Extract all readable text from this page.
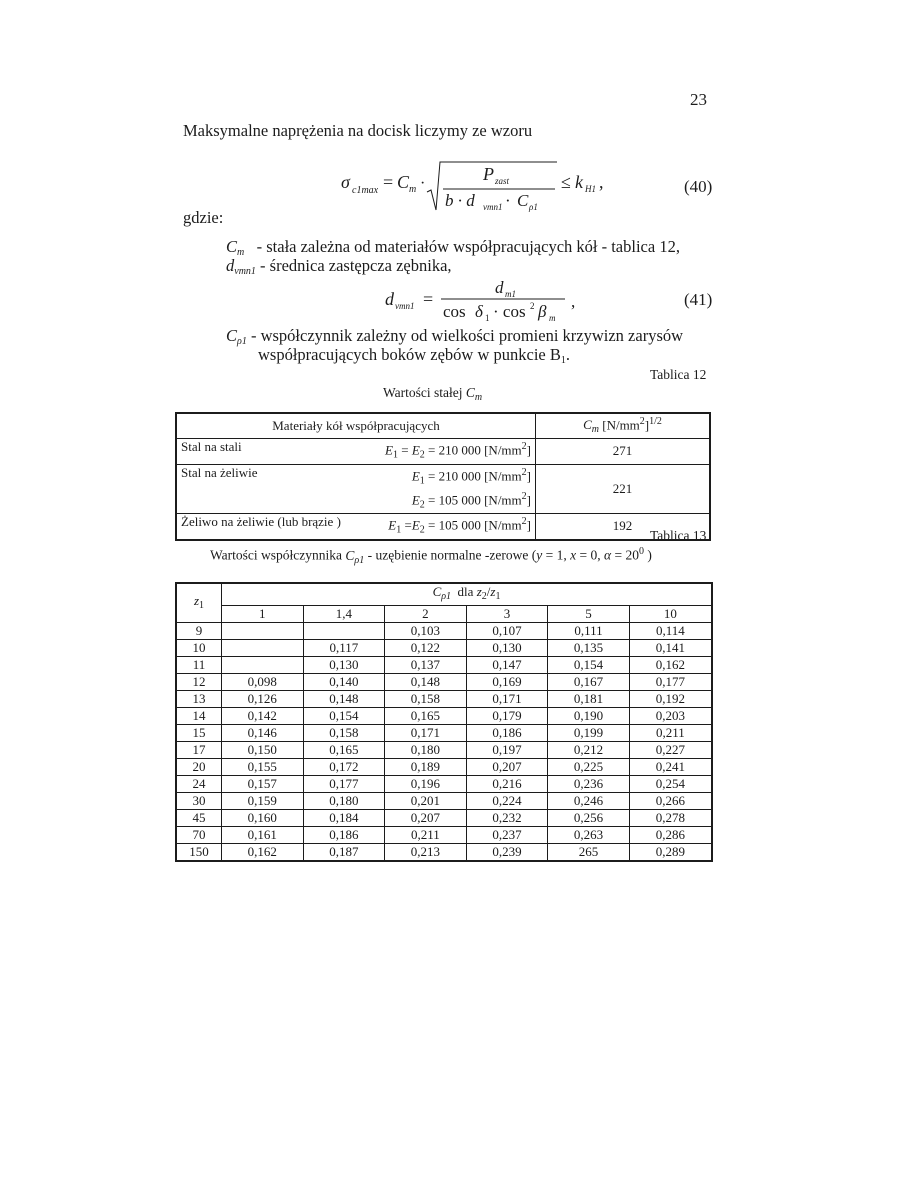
23
Maksymalne naprężenia na docisk liczymy ze wzoru
σ c1max = C m ·	P zast
b · d vmn1 · C ρ1
≤ k H1 ,	(40)
gdzie:
$C_m$   - stała zależna od materiałów współpracujących kół - tablica 12,
$d_{vmn1}$ - średnica zastępcza zębnika,
d vmn1 =
d m1
cos δ 1 · cos 2 β m
,	(41)
$C_{\rho 1}$ - współczynnik zależny od wielkości promieni krzywizn zarysów
współpracujących boków zębów w punkcie $B_1$.
Tablica 12
Wartości stałej $C_m$
Materiały kół współpracujących	$C_m$ $[N/mm^2]^{1/2}$

Stal na stali $E_1 = E_2 = 210$ 000 $[N/mm^2]$	271

Stal na żeliwie $E_1 = 210$ 000 $[N/mm^2]$
$E_2 = 105$ 000 $[N/mm^2]$	221

Żeliwo na żeliwie (lub brązie ) $E_1 =E_2 = 105$ 000 $[N/mm^2]$	192
Tablica 13
Wartości współczynnika $C_{\rho 1}$ - uzębienie normalne -zerowe (y = 1, x = 0, $\alpha = 20^0$ )
$z_1$	$C_{\rho 1}$ dla $z_2/z_1$
	1	1,4	2	3	5	10
9			0,103	0,107	0,111	0,114
10		0,117	0,122	0,130	0,135	0,141
11		0,130	0,137	0,147	0,154	0,162
12	0,098	0,140	0,148	0,169	0,167	0,177
13	0,126	0,148	0,158	0,171	0,181	0,192
14	0,142	0,154	0,165	0,179	0,190	0,203
15	0,146	0,158	0,171	0,186	0,199	0,211
17	0,150	0,165	0,180	0,197	0,212	0,227
20	0,155	0,172	0,189	0,207	0,225	0,241
24	0,157	0,177	0,196	0,216	0,236	0,254
30	0,159	0,180	0,201	0,224	0,246	0,266
45	0,160	0,184	0,207	0,232	0,256	0,278
70	0,161	0,186	0,211	0,237	0,263	0,286
150	0,162	0,187	0,213	0,239	265	0,289
